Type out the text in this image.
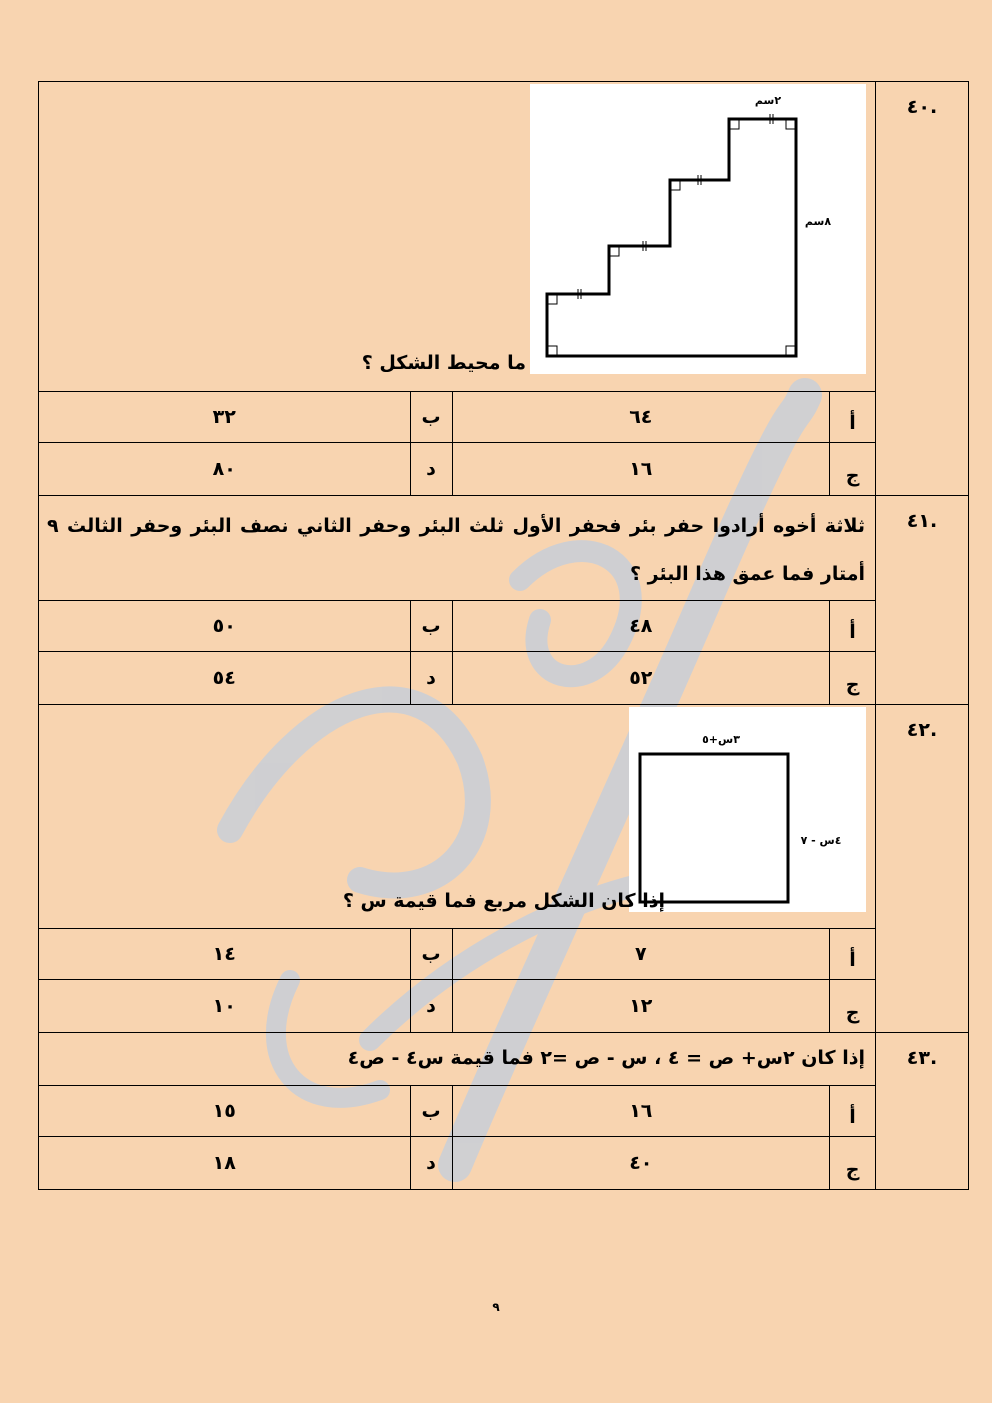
٢سم
٨سم
ما محيط الشكل ؟
٣٢	ب	٦٤	أ
٨٠	د	١٦	ج
.٤٠
ثلاثة أخوه أرادوا حفر بئر فحفر الأول ثلث البئر وحفر الثاني نصف البئر وحفر الثالث ٩ أمتار فما عمق هذا البئر ؟
٥٠	ب	٤٨	أ
٥٤	د	٥٢	ج
.٤١
٣س+٥
٤س - ٧
إذا كان الشكل مربع فما قيمة س ؟
١٤	ب	٧	أ
١٠	د	١٢	ج
.٤٢
إذا كان ٢س+ ص = ٤ ، س - ص =٢ فما قيمة س٤ - ص٤
١٥	ب	١٦	أ
١٨	د	٤٠	ج
.٤٣
٩
